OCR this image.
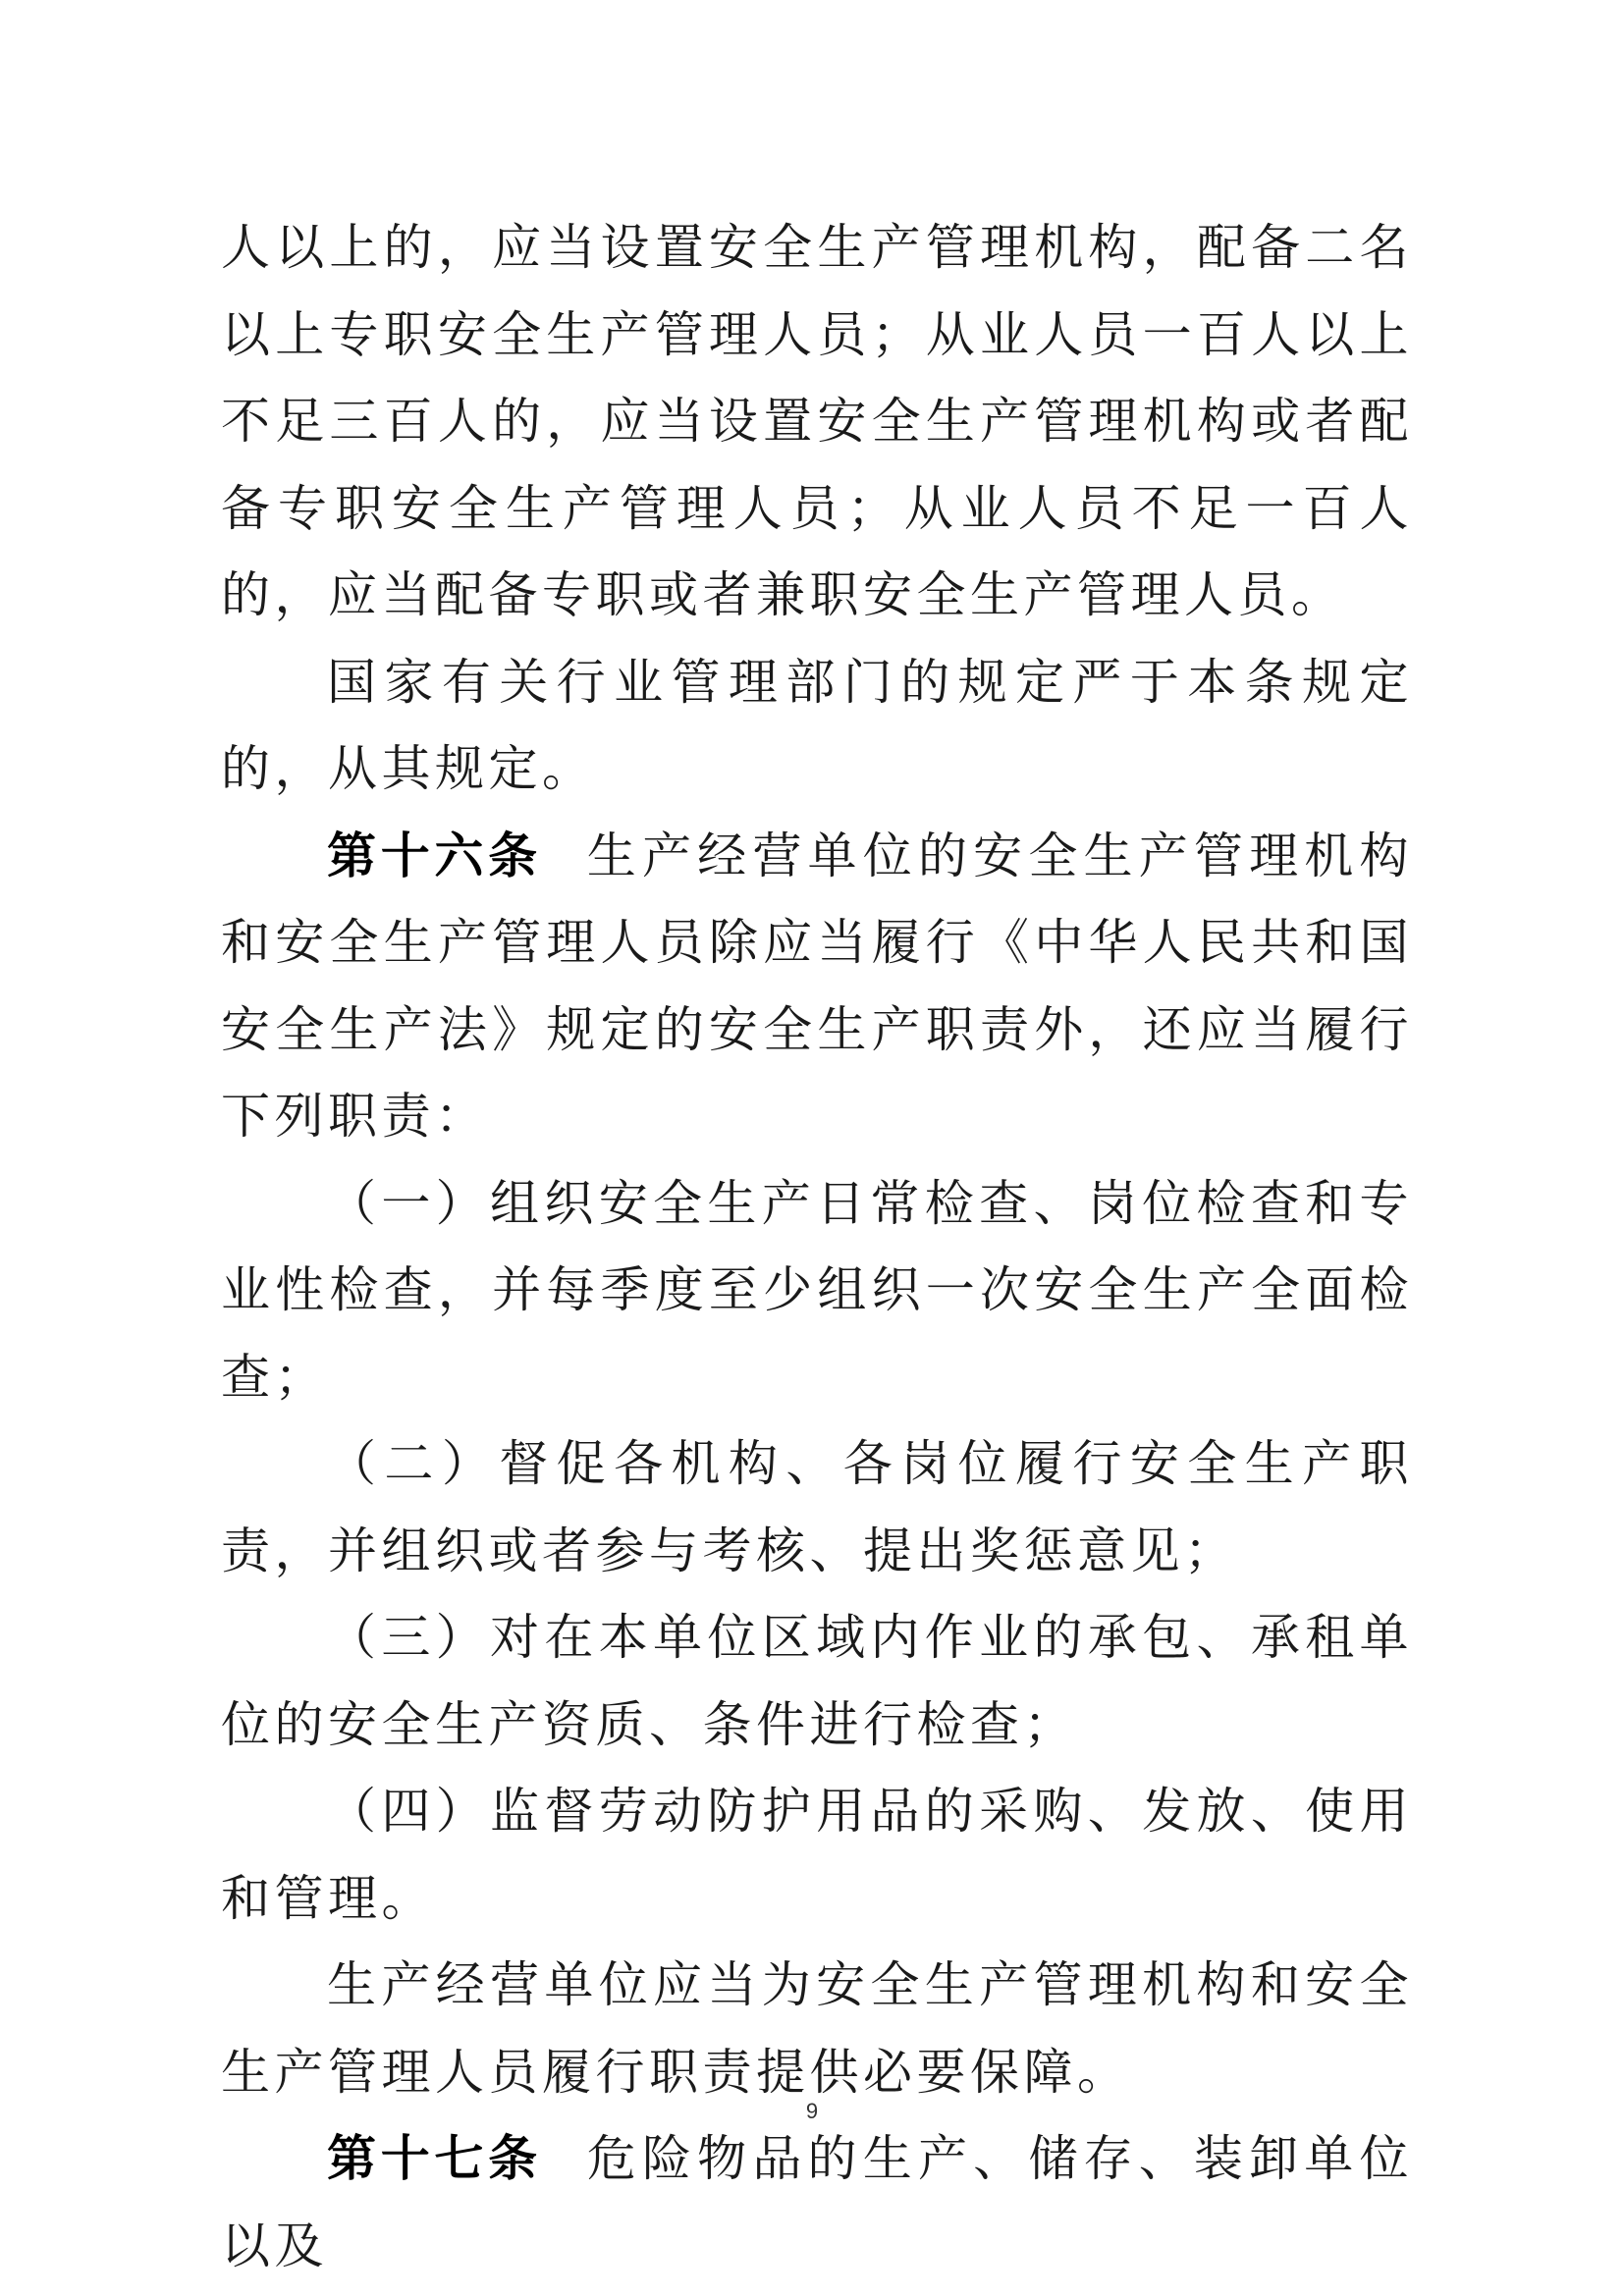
人以上的，应当设置安全生产管理机构，配备二名以上专职安全生产管理人员；从业人员一百人以上不足三百人的，应当设置安全生产管理机构或者配备专职安全生产管理人员；从业人员不足一百人的，应当配备专职或者兼职安全生产管理人员。

国家有关行业管理部门的规定严于本条规定的，从其规定。

第十六条 生产经营单位的安全生产管理机构和安全生产管理人员除应当履行《中华人民共和国安全生产法》规定的安全生产职责外，还应当履行下列职责：

（一）组织安全生产日常检查、岗位检查和专业性检查，并每季度至少组织一次安全生产全面检查；

（二）督促各机构、各岗位履行安全生产职责，并组织或者参与考核、提出奖惩意见；

（三）对在本单位区域内作业的承包、承租单位的安全生产资质、条件进行检查；

（四）监督劳动防护用品的采购、发放、使用和管理。

生产经营单位应当为安全生产管理机构和安全生产管理人员履行职责提供必要保障。

第十七条 危险物品的生产、储存、装卸单位以及

9
